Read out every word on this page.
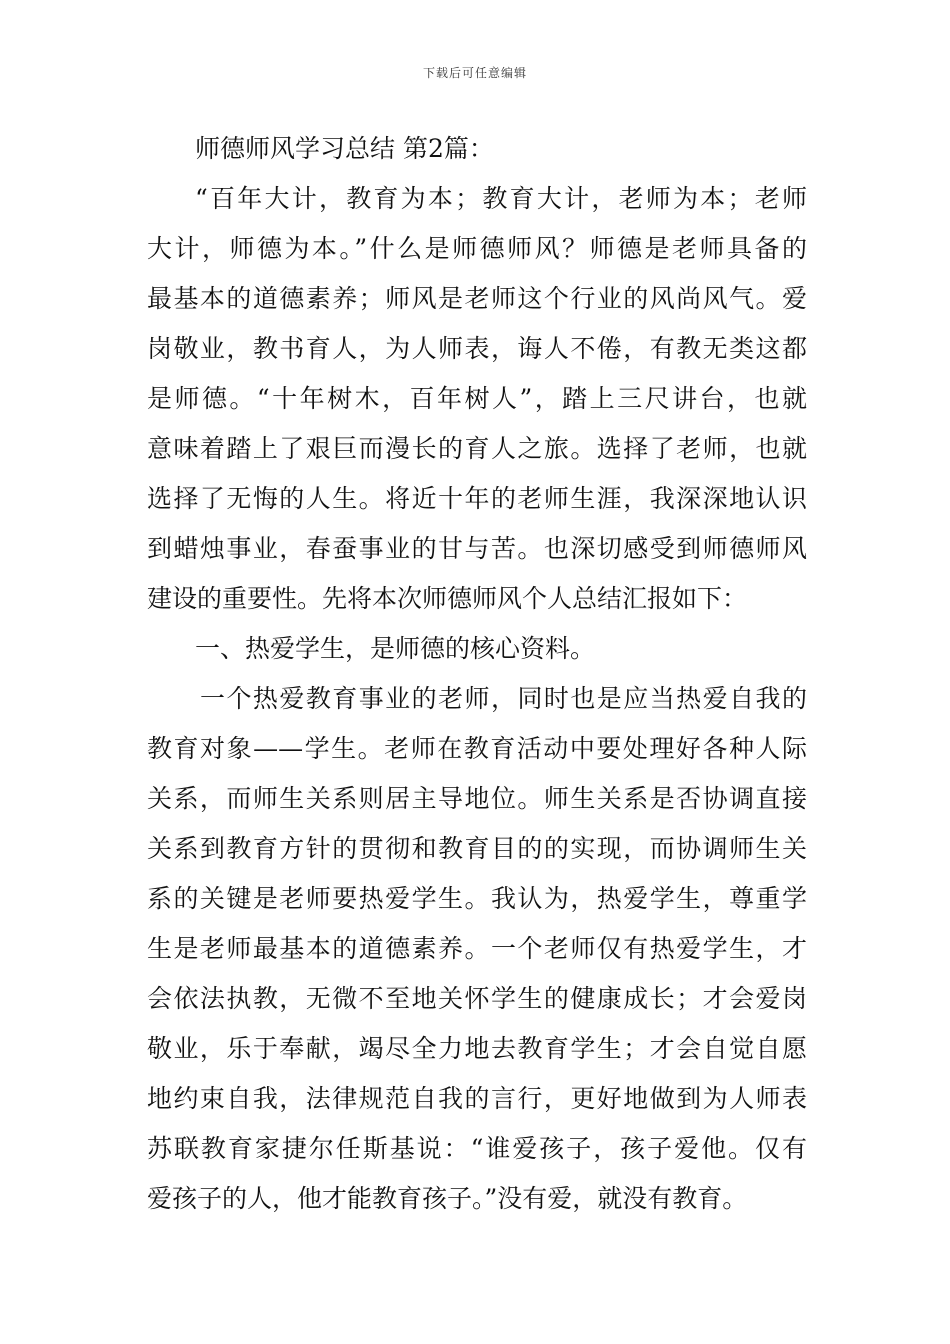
下载后可任意编辑
师德师风学习总结 第2篇：
“百年大计，教育为本；教育大计，老师为本；老师
大计，师德为本。”什么是师德师风？师德是老师具备的
最基本的道德素养；师风是老师这个行业的风尚风气。爱
岗敬业，教书育人，为人师表，诲人不倦，有教无类这都
是师德。“十年树木，百年树人”，踏上三尺讲台，也就
意味着踏上了艰巨而漫长的育人之旅。选择了老师，也就
选择了无悔的人生。将近十年的老师生涯，我深深地认识
到蜡烛事业，春蚕事业的甘与苦。也深切感受到师德师风
建设的重要性。先将本次师德师风个人总结汇报如下：
一、热爱学生，是师德的核心资料。
一个热爱教育事业的老师，同时也是应当热爱自我的
教育对象——学生。老师在教育活动中要处理好各种人际
关系，而师生关系则居主导地位。师生关系是否协调直接
关系到教育方针的贯彻和教育目的的实现，而协调师生关
系的关键是老师要热爱学生。我认为，热爱学生，尊重学
生是老师最基本的道德素养。一个老师仅有热爱学生，才
会依法执教，无微不至地关怀学生的健康成长；才会爱岗
敬业，乐于奉献，竭尽全力地去教育学生；才会自觉自愿
地约束自我，法律规范自我的言行，更好地做到为人师表
苏联教育家捷尔任斯基说：“谁爱孩子，孩子爱他。仅有
爱孩子的人，他才能教育孩子。”没有爱，就没有教育。
